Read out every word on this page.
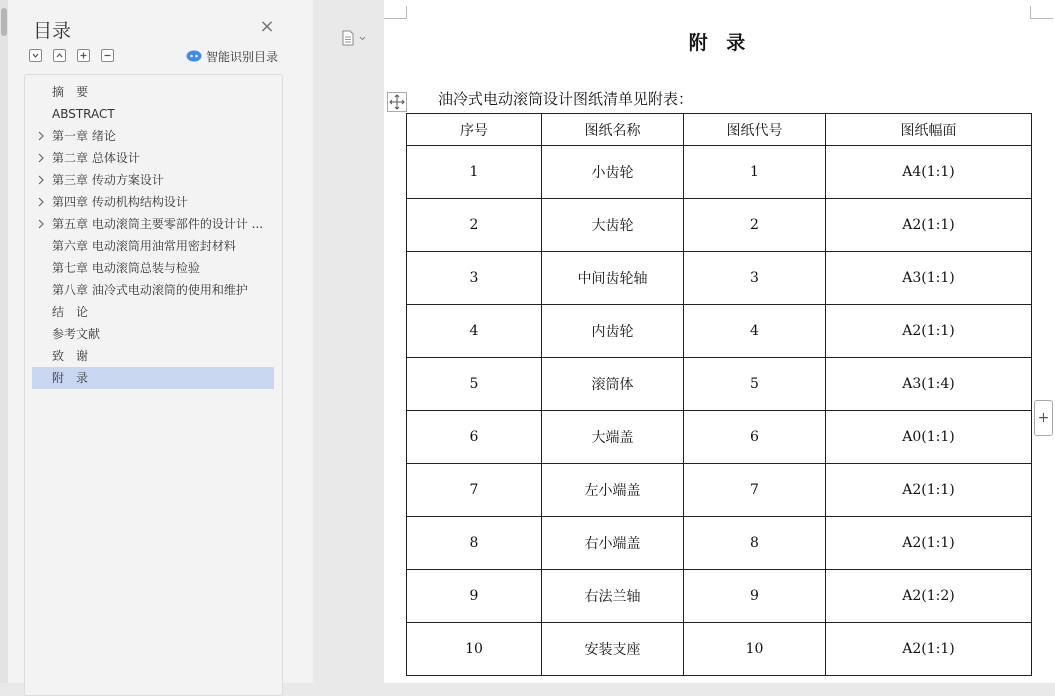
目录	×
智能识别目录
摘　要
ABSTRACT
第一章 绪论
第二章 总体设计
第三章 传动方案设计
第四章 传动机构结构设计
第五章 电动滚筒主要零部件的设计计 ...
第六章 电动滚筒用油常用密封材料
第七章 电动滚筒总装与检验
第八章 油冷式电动滚筒的使用和维护
结　论
参考文献
致　谢
附　录
附 录
油冷式电动滚筒设计图纸清单见附表：
+
序号	图纸名称	图纸代号	图纸幅面
1	小齿轮	1	A4(1:1)
2	大齿轮	2	A2(1:1)
3	中间齿轮轴	3	A3(1:1)
4	内齿轮	4	A2(1:1)
5	滚筒体	5	A3(1:4)
6	大端盖	6	A0(1:1)
7	左小端盖	7	A2(1:1)
8	右小端盖	8	A2(1:1)
9	右法兰轴	9	A2(1:2)
10	安装支座	10	A2(1:1)
